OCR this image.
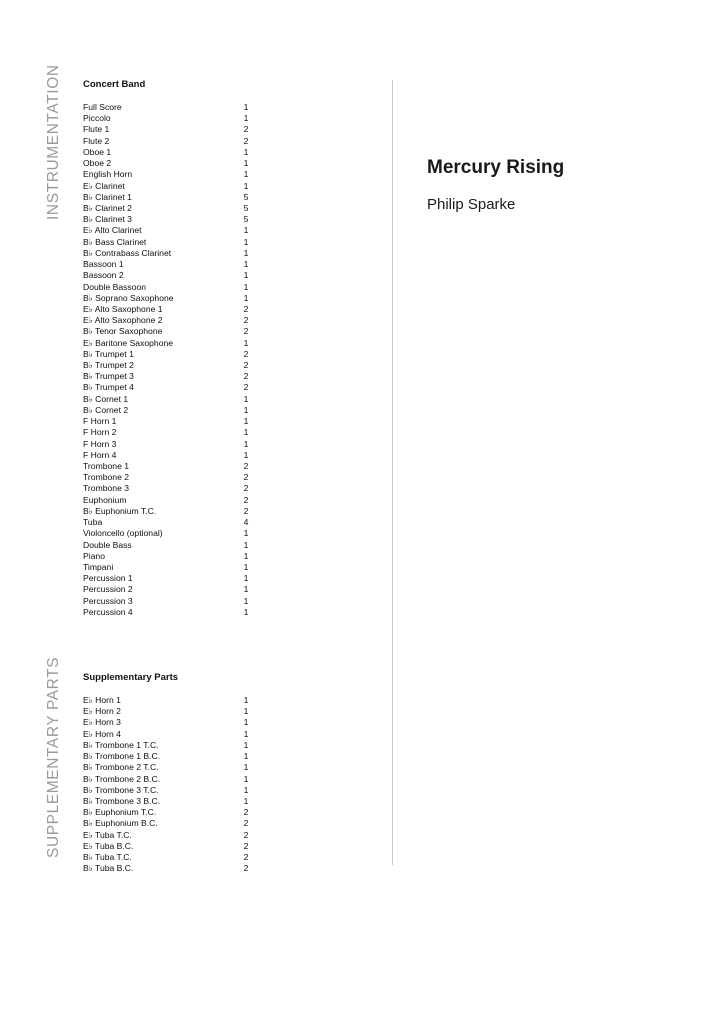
INSTRUMENTATION
SUPPLEMENTARY PARTS
Concert Band
Full Score	1
Piccolo	1
Flute 1	2
Flute 2	2
Oboe 1	1
Oboe 2	1
English Horn	1
E♭ Clarinet	1
B♭ Clarinet 1	5
B♭ Clarinet 2	5
B♭ Clarinet 3	5
E♭ Alto Clarinet	1
B♭ Bass Clarinet	1
B♭ Contrabass Clarinet	1
Bassoon 1	1
Bassoon 2	1
Double Bassoon	1
B♭ Soprano Saxophone	1
E♭ Alto Saxophone 1	2
E♭ Alto Saxophone 2	2
B♭ Tenor Saxophone	2
E♭ Baritone Saxophone	1
B♭ Trumpet 1	2
B♭ Trumpet 2	2
B♭ Trumpet 3	2
B♭ Trumpet 4	2
B♭ Cornet 1	1
B♭ Cornet 2	1
F Horn 1	1
F Horn 2	1
F Horn 3	1
F Horn 4	1
Trombone 1	2
Trombone 2	2
Trombone 3	2
Euphonium	2
B♭ Euphonium T.C.	2
Tuba	4
Violoncello (optional)	1
Double Bass	1
Piano	1
Timpani	1
Percussion 1	1
Percussion 2	1
Percussion 3	1
Percussion 4	1
Supplementary Parts
E♭ Horn 1	1
E♭ Horn 2	1
E♭ Horn 3	1
E♭ Horn 4	1
B♭ Trombone 1 T.C.	1
B♭ Trombone 1 B.C.	1
B♭ Trombone 2 T.C.	1
B♭ Trombone 2 B.C.	1
B♭ Trombone 3 T.C.	1
B♭ Trombone 3 B.C.	1
B♭ Euphonium T.C.	2
B♭ Euphonium B.C.	2
E♭ Tuba T.C.	2
E♭ Tuba B.C.	2
B♭ Tuba T.C.	2
B♭ Tuba B.C.	2
Mercury Rising
Philip Sparke
